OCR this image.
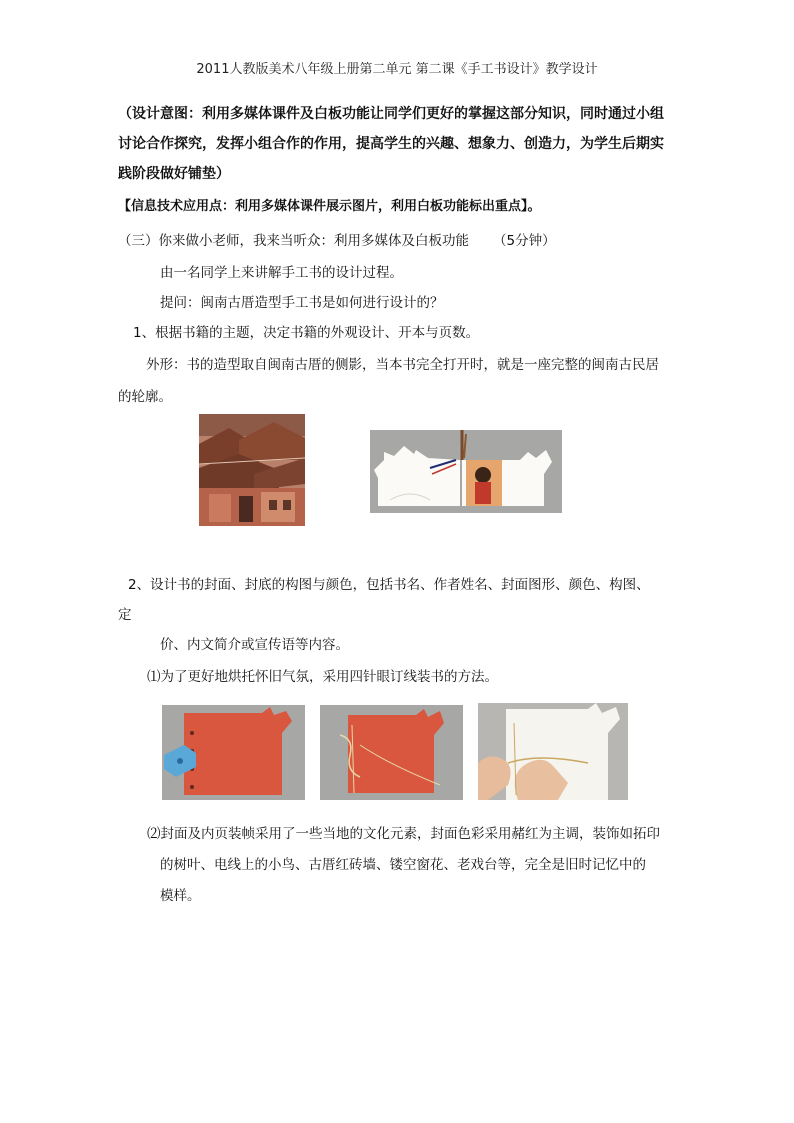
2011人教版美术八年级上册第二单元 第二课《手工书设计》教学设计
（设计意图：利用多媒体课件及白板功能让同学们更好的掌握这部分知识，同时通过小组
讨论合作探究，发挥小组合作的作用，提高学生的兴趣、想象力、创造力，为学生后期实
践阶段做好铺垫）
【信息技术应用点：利用多媒体课件展示图片，利用白板功能标出重点】。
（三）你来做小老师，我来当听众：利用多媒体及白板功能 （5分钟）
由一名同学上来讲解手工书的设计过程。
提问：闽南古厝造型手工书是如何进行设计的？
1、根据书籍的主题，决定书籍的外观设计、开本与页数。
外形：书的造型取自闽南古厝的侧影，当本书完全打开时，就是一座完整的闽南古民居
的轮廓。
2、设计书的封面、封底的构图与颜色，包括书名、作者姓名、封面图形、颜色、构图、
定
价、内文简介或宣传语等内容。
⑴为了更好地烘托怀旧气氛，采用四针眼订线装书的方法。
⑵封面及内页装帧采用了一些当地的文化元素，封面色彩采用赭红为主调，装饰如拓印
的树叶、电线上的小鸟、古厝红砖墙、镂空窗花、老戏台等，完全是旧时记忆中的
模样。
